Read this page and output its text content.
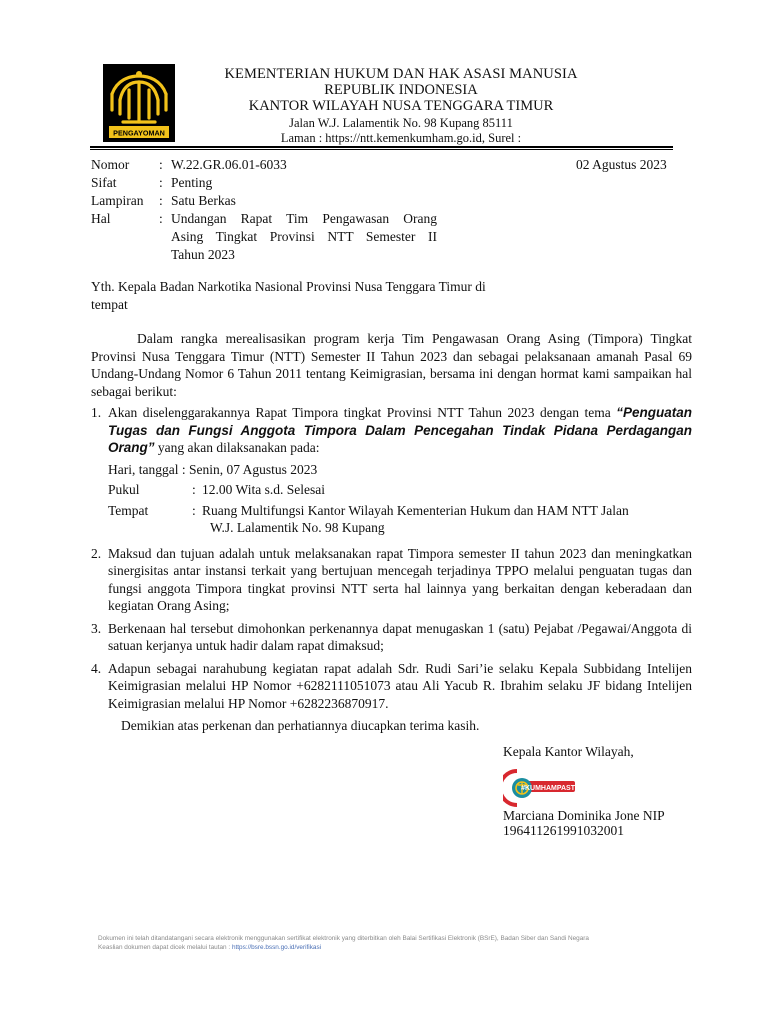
PENGAYOMAN
KEMENTERIAN HUKUM DAN HAK ASASI MANUSIA
REPUBLIK INDONESIA
KANTOR WILAYAH NUSA TENGGARA TIMUR
Jalan W.J. Lalamentik No. 98 Kupang 85111
Laman : https://ntt.kemenkumham.go.id, Surel :
Nomor	: W.22.GR.06.01-6033
Sifat	: Penting
Lampiran	: Satu Berkas
Hal	: Undangan Rapat Tim Pengawasan Orang
Asing Tingkat Provinsi NTT Semester II
Tahun 2023
02 Agustus 2023
Yth. Kepala Badan Narkotika Nasional Provinsi Nusa Tenggara Timur di
tempat

Dalam rangka merealisasikan program kerja Tim Pengawasan Orang Asing (Timpora) Tingkat Provinsi Nusa Tenggara Timur (NTT) Semester II Tahun 2023 dan sebagai pelaksanaan amanah Pasal 69 Undang-Undang Nomor 6 Tahun 2011 tentang Keimigrasian, bersama ini dengan hormat kami sampaikan hal sebagai berikut:

1. Akan diselenggarakannya Rapat Timpora tingkat Provinsi NTT Tahun 2023 dengan tema “Penguatan Tugas dan Fungsi Anggota Timpora Dalam Pencegahan Tindak Pidana Perdagangan Orang” yang akan dilaksanakan pada:
Hari, tanggal : Senin, 07 Agustus 2023
Pukul	: 12.00 Wita s.d. Selesai
Tempat	: Ruang Multifungsi Kantor Wilayah Kementerian Hukum dan HAM NTT Jalan
W.J. Lalamentik No. 98 Kupang
2. Maksud dan tujuan adalah untuk melaksanakan rapat Timpora semester II tahun 2023 dan meningkatkan sinergisitas antar instansi terkait yang bertujuan mencegah terjadinya TPPO melalui penguatan tugas dan fungsi anggota Timpora tingkat provinsi NTT serta hal lainnya yang berkaitan dengan keberadaan dan kegiatan Orang Asing;
3. Berkenaan hal tersebut dimohonkan perkenannya dapat menugaskan 1 (satu) Pejabat /Pegawai/Anggota di satuan kerjanya untuk hadir dalam rapat dimaksud;
4. Adapun sebagai narahubung kegiatan rapat adalah Sdr. Rudi Sari’ie selaku Kepala Subbidang Intelijen Keimigrasian melalui HP Nomor +6282111051073 atau Ali Yacub R. Ibrahim selaku JF bidang Intelijen Keimigrasian melalui HP Nomor +6282236870917.

Demikian atas perkenan dan perhatiannya diucapkan terima kasih.

Kepala Kantor Wilayah,
#KUMHAMPASTI
Marciana Dominika Jone NIP
196411261991032001
Dokumen ini telah ditandatangani secara elektronik menggunakan sertifikat elektronik yang diterbitkan oleh Balai Sertifikasi Elektronik (BSrE), Badan Siber dan Sandi Negara
Keaslian dokumen dapat dicek melalui tautan : https://bsre.bssn.go.id/verifikasi
